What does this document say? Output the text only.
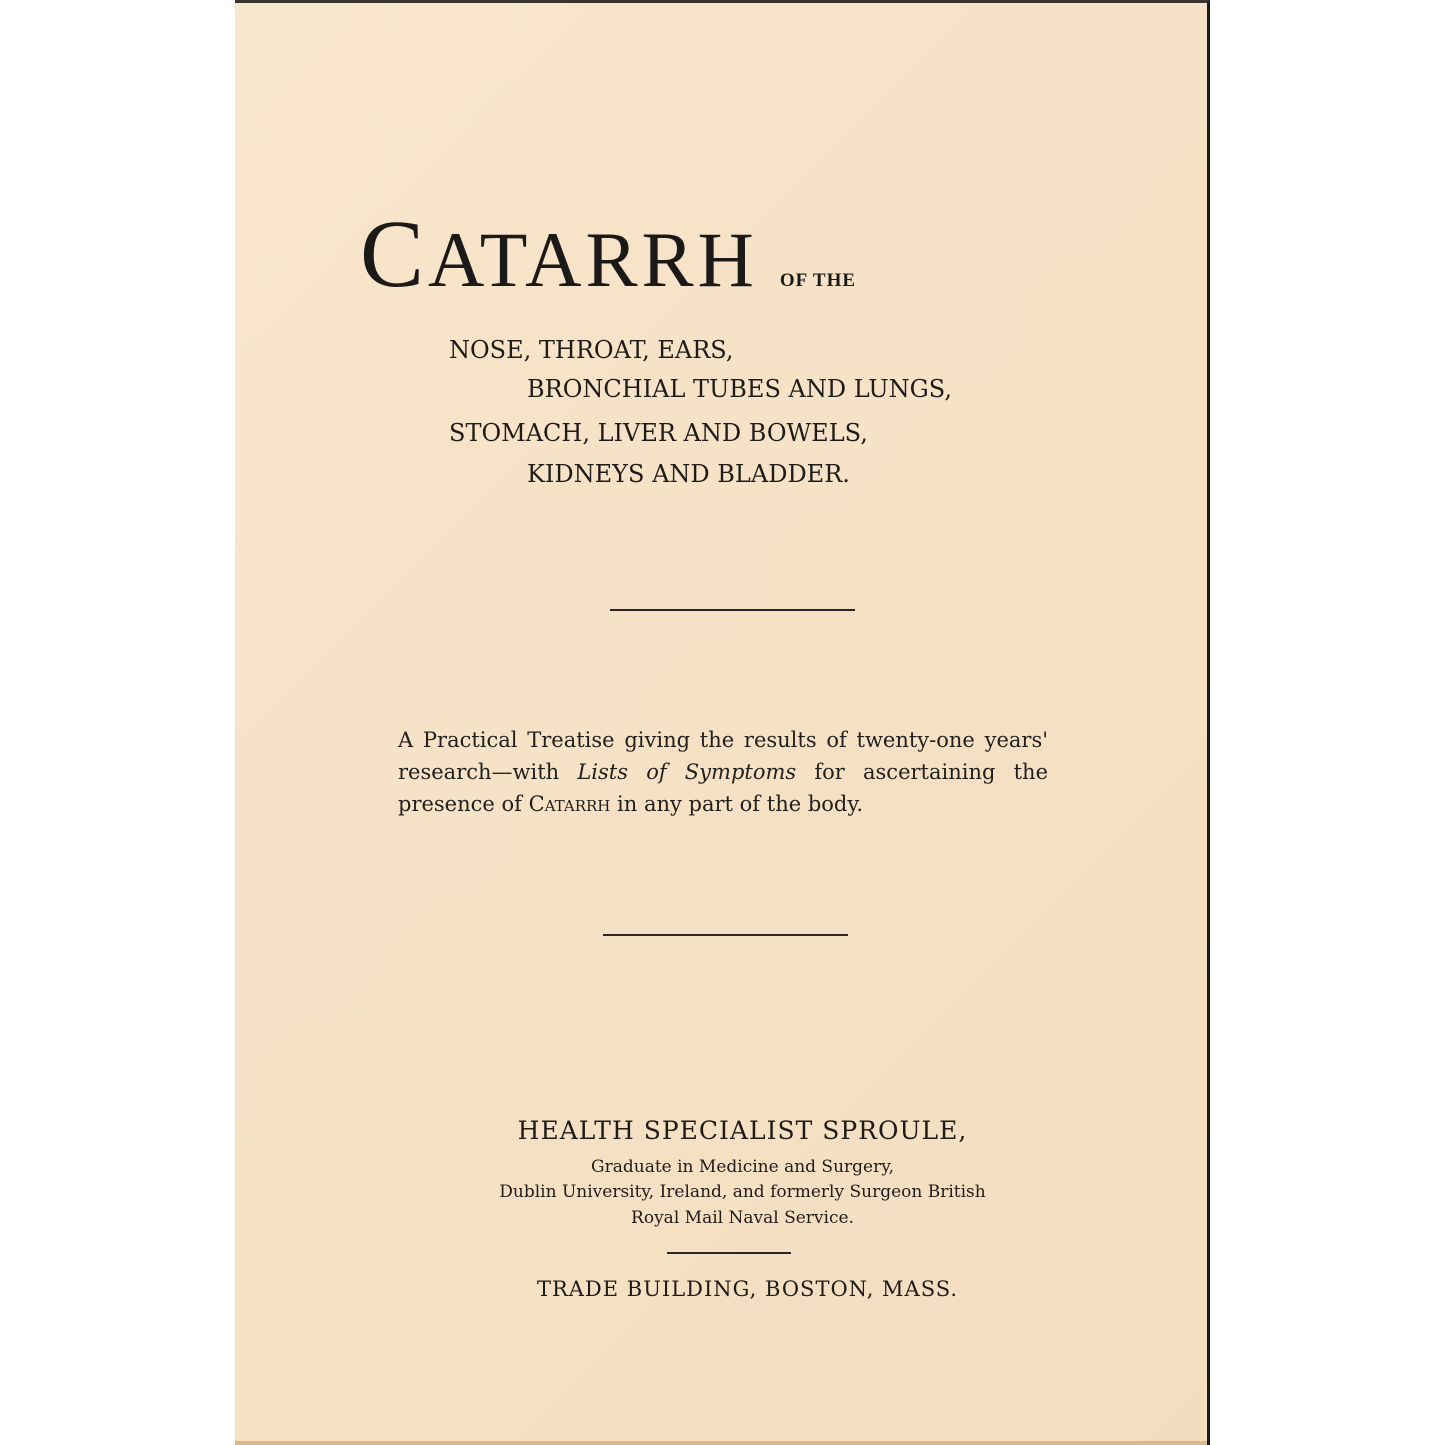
CATARRH OF THE
NOSE, THROAT, EARS,
BRONCHIAL TUBES AND LUNGS,
STOMACH, LIVER AND BOWELS,
KIDNEYS AND BLADDER.
A Practical Treatise giving the results of twenty-one years' research—with Lists of Symptoms for ascertaining the presence of Catarrh in any part of the body.
HEALTH SPECIALIST SPROULE,
Graduate in Medicine and Surgery,
Dublin University, Ireland, and formerly Surgeon British
Royal Mail Naval Service.
TRADE BUILDING, BOSTON, MASS.
